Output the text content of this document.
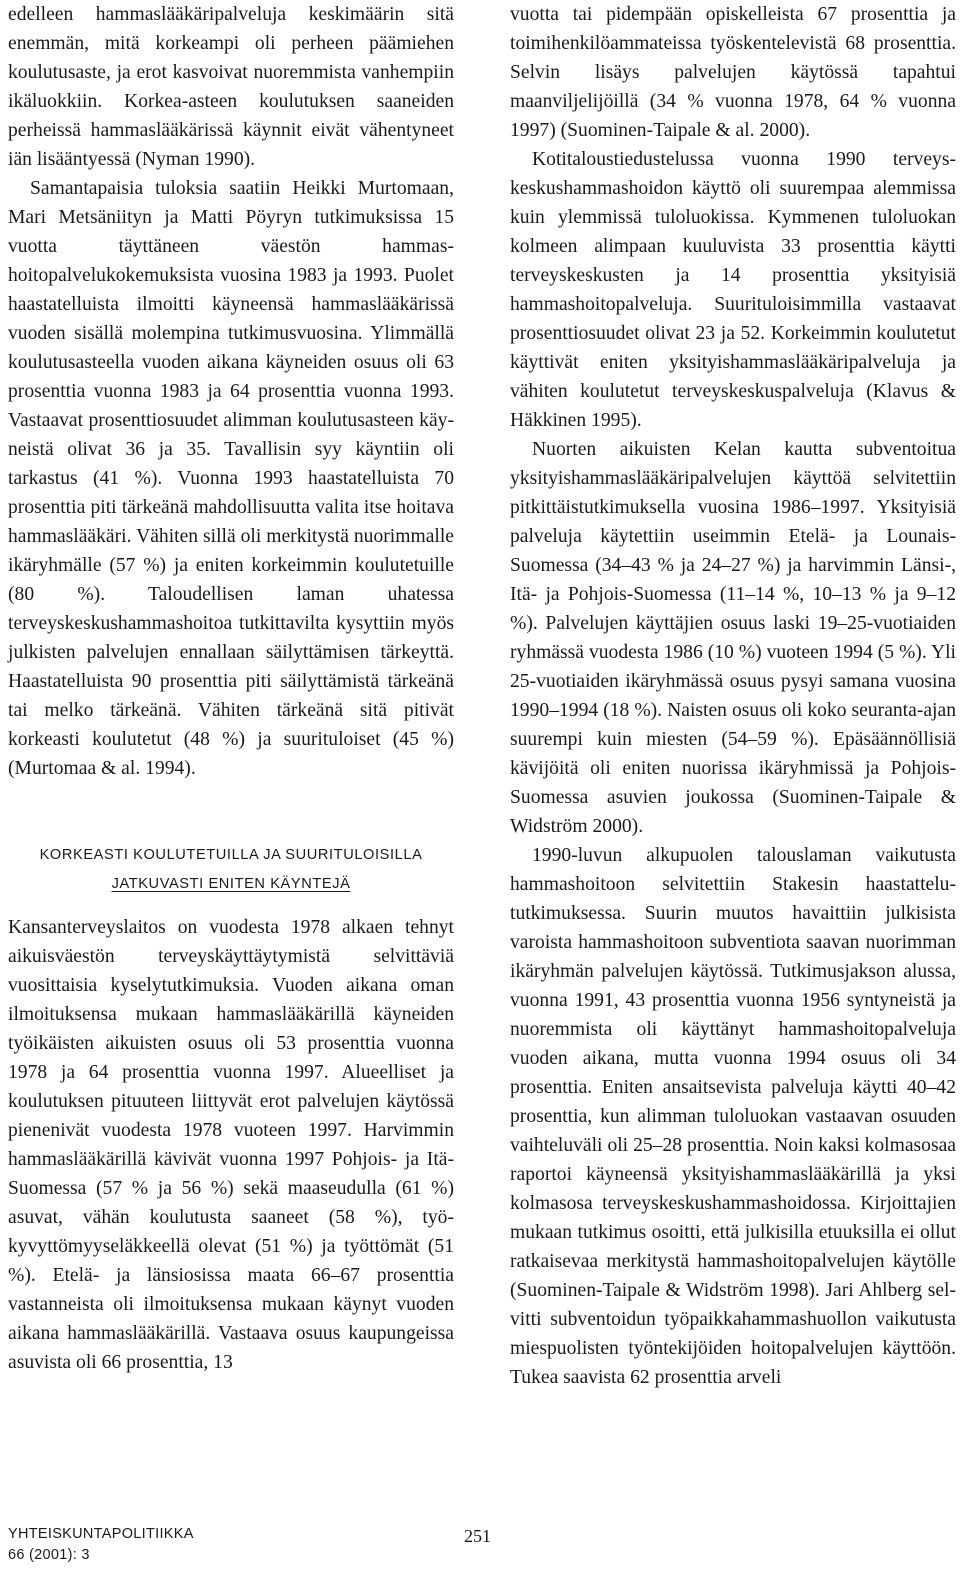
edelleen hammaslääkäripalveluja keskimäärin sitä enemmän, mitä korkeampi oli perheen päämiehen koulutusaste, ja erot kasvoivat nuoremmista vanhempiin ikäluokkiin. Korkea-asteen koulutuksen saaneiden perheissä hammaslääkärissä käynnit eivät vähentyneet iän lisääntyessä (Nyman 1990).

Samantapaisia tuloksia saatiin Heikki Murtomaan, Mari Metsäniityn ja Matti Pöyryn tutkimuksissa 15 vuotta täyttäneen väestön hammashoitopalvelukokemuksista vuosina 1983 ja 1993. Puolet haastatelluista ilmoitti käyneensä hammaslääkärissä vuoden sisällä molempina tutkimusvuosina. Ylimmällä koulutusasteella vuoden aikana käyneiden osuus oli 63 prosenttia vuonna 1983 ja 64 prosenttia vuonna 1993. Vastaavat prosenttiosuudet alimman koulutusasteen käyneistä olivat 36 ja 35. Tavallisin syy käyntiin oli tarkastus (41 %). Vuonna 1993 haastatelluista 70 prosenttia piti tärkeänä mahdollisuutta valita itse hoitava hammaslääkäri. Vähiten sillä oli merkitystä nuorimmalle ikäryhmälle (57 %) ja eniten korkeimmin koulutetuille (80 %). Taloudellisen laman uhatessa terveyskeskushammashoitoa tutkittavilta kysyttiin myös julkisten palvelujen ennallaan säilyttämisen tärkeyttä. Haastatelluista 90 prosenttia piti säilyttämistä tärkeänä tai melko tärkeänä. Vähiten tärkeänä sitä pitivät korkeasti koulutetut (48 %) ja suurituloiset (45 %) (Murtomaa & al. 1994).

KORKEASTI KOULUTETUILLA JA SUURITULOISILLA
JATKUVASTI ENITEN KÄYNTEJÄ

Kansanterveyslaitos on vuodesta 1978 alkaen tehnyt aikuisväestön terveyskäyttäytymistä selvittäviä vuosittaisia kyselytutkimuksia. Vuoden aikana oman ilmoituksensa mukaan hammaslääkärillä käyneiden työikäisten aikuisten osuus oli 53 prosenttia vuonna 1978 ja 64 prosenttia vuonna 1997. Alueelliset ja koulutuksen pituuteen liittyvät erot palvelujen käytössä pienenivät vuodesta 1978 vuoteen 1997. Harvimmin hammaslääkärillä kävivät vuonna 1997 Pohjois- ja Itä-Suomessa (57 % ja 56 %) sekä maaseudulla (61 %) asuvat, vähän koulutusta saaneet (58 %), työkyvyttömyyseläkkeellä olevat (51 %) ja työttömät (51 %). Etelä- ja länsiosissa maata 66–67 prosenttia vastanneista oli ilmoituksensa mukaan käynyt vuoden aikana hammaslääkärillä. Vastaava osuus kaupungeissa asuvista oli 66 prosenttia, 13

vuotta tai pidempään opiskelleista 67 prosenttia ja toimihenkilöammateissa työskentelevistä 68 prosenttia. Selvin lisäys palvelujen käytössä tapahtui maanviljelijöillä (34 % vuonna 1978, 64 % vuonna 1997) (Suominen-Taipale & al. 2000).

Kotitaloustiedustelussa vuonna 1990 terveyskeskushammashoidon käyttö oli suurempaa alemmissa kuin ylemmissä tuloluokissa. Kymmenen tuloluokan kolmeen alimpaan kuuluvista 33 prosenttia käytti terveyskeskusten ja 14 prosenttia yksityisiä hammashoitopalveluja. Suurituloisimmilla vastaavat prosenttiosuudet olivat 23 ja 52. Korkeimmin koulutetut käyttivät eniten yksityishammaslääkäripalveluja ja vähiten koulutetut terveyskeskuspalveluja (Klavus & Häkkinen 1995).

Nuorten aikuisten Kelan kautta subventoitua yksityishammaslääkäripalvelujen käyttöä selvitettiin pitkittäistutkimuksella vuosina 1986–1997. Yksityisiä palveluja käytettiin useimmin Etelä- ja Lounais-Suomessa (34–43 % ja 24–27 %) ja harvimmin Länsi-, Itä- ja Pohjois-Suomessa (11–14 %, 10–13 % ja 9–12 %). Palvelujen käyttäjien osuus laski 19–25-vuotiaiden ryhmässä vuodesta 1986 (10 %) vuoteen 1994 (5 %). Yli 25-vuotiaiden ikäryhmässä osuus pysyi samana vuosina 1990–1994 (18 %). Naisten osuus oli koko seuranta-ajan suurempi kuin miesten (54–59 %). Epäsäännöllisiä kävijöitä oli eniten nuorissa ikäryhmissä ja Pohjois-Suomessa asuvien joukossa (Suominen-Taipale & Widström 2000).

1990-luvun alkupuolen talouslaman vaikutusta hammashoitoon selvitettiin Stakesin haastattelututkimuksessa. Suurin muutos havaittiin julkisista varoista hammashoitoon subventiota saavan nuorimman ikäryhmän palvelujen käytössä. Tutkimusjakson alussa, vuonna 1991, 43 prosenttia vuonna 1956 syntyneistä ja nuoremmista oli käyttänyt hammashoitopalveluja vuoden aikana, mutta vuonna 1994 osuus oli 34 prosenttia. Eniten ansaitsevista palveluja käytti 40–42 prosenttia, kun alimman tuloluokan vastaavan osuuden vaihteluväli oli 25–28 prosenttia. Noin kaksi kolmasosaa raportoi käyneensä yksityishammaslääkärillä ja yksi kolmasosa terveyskeskushammashoidossa. Kirjoittajien mukaan tutkimus osoitti, että julkisilla etuuksilla ei ollut ratkaisevaa merkitystä hammashoitopalvelujen käytölle (Suominen-Taipale & Widström 1998). Jari Ahlberg selvitti subventoidun työpaikkahammashuollon vaikutusta miespuolisten työntekijöiden hoitopalvelujen käyttöön. Tukea saavista 62 prosenttia arveli

YHTEISKUNTAPOLITIIKKA
66 (2001): 3
251
